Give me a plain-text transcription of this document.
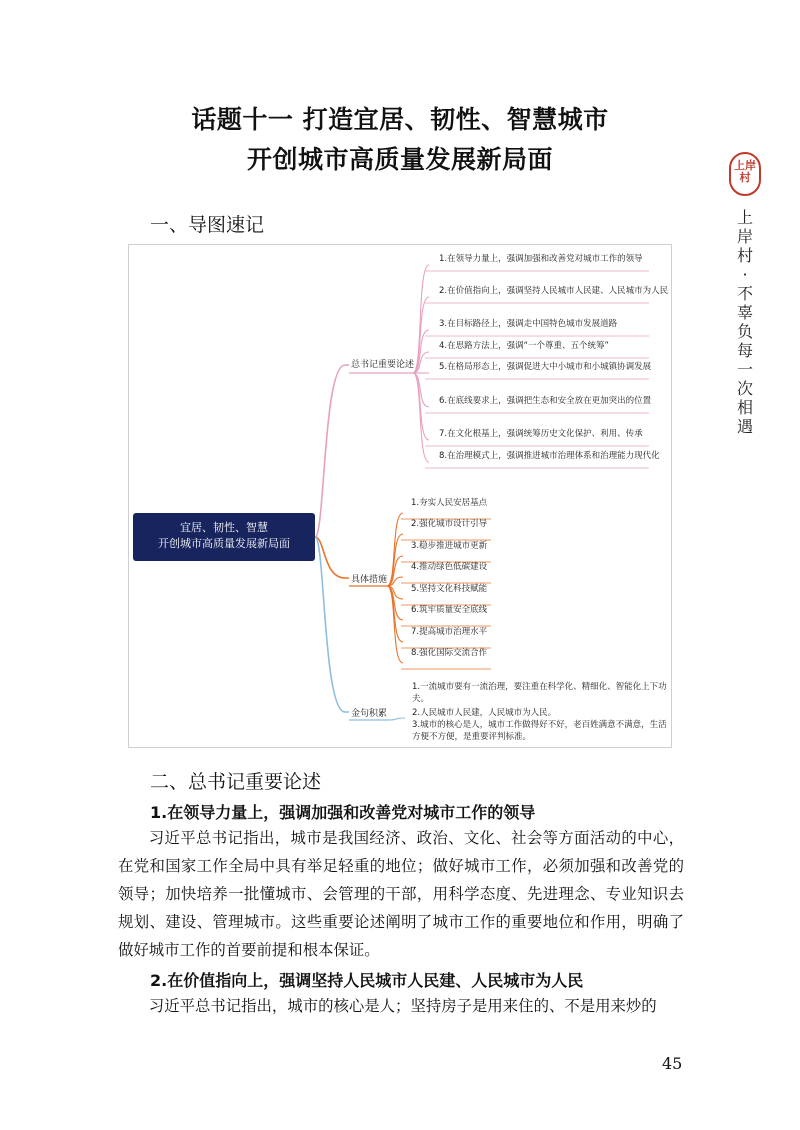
话题十一 打造宜居、韧性、智慧城市
开创城市高质量发展新局面
一、导图速记
宜居、韧性、智慧
开创城市高质量发展新局面
总书记重要论述
具体措施
金句积累
1.在领导力量上，强调加强和改善党对城市工作的领导
2.在价值指向上，强调坚持人民城市人民建、人民城市为人民
3.在目标路径上，强调走中国特色城市发展道路
4.在思路方法上，强调“一个尊重、五个统筹”
5.在格局形态上，强调促进大中小城市和小城镇协调发展
6.在底线要求上，强调把生态和安全放在更加突出的位置
7.在文化根基上，强调统筹历史文化保护、利用、传承
8.在治理模式上，强调推进城市治理体系和治理能力现代化
1.夯实人民安居基点
2.强化城市设计引导
3.稳步推进城市更新
4.推动绿色低碳建设
5.坚持文化科技赋能
6.筑牢质量安全底线
7.提高城市治理水平
8.强化国际交流合作
1.一流城市要有一流治理，要注重在科学化、精细化、智能化上下功夫。
2.人民城市人民建，人民城市为人民。
3.城市的核心是人，城市工作做得好不好，老百姓满意不满意，生活方便不方便，是重要评判标准。
二、总书记重要论述
1.在领导力量上，强调加强和改善党对城市工作的领导

习近平总书记指出，城市是我国经济、政治、文化、社会等方面活动的中心，在党和国家工作全局中具有举足轻重的地位；做好城市工作，必须加强和改善党的领导；加快培养一批懂城市、会管理的干部，用科学态度、先进理念、专业知识去规划、建设、管理城市。这些重要论述阐明了城市工作的重要地位和作用，明确了做好城市工作的首要前提和根本保证。

2.在价值指向上，强调坚持人民城市人民建、人民城市为人民

习近平总书记指出，城市的核心是人；坚持房子是用来住的、不是用来炒的

45
上岸村
上岸村·不辜负每一次相遇
